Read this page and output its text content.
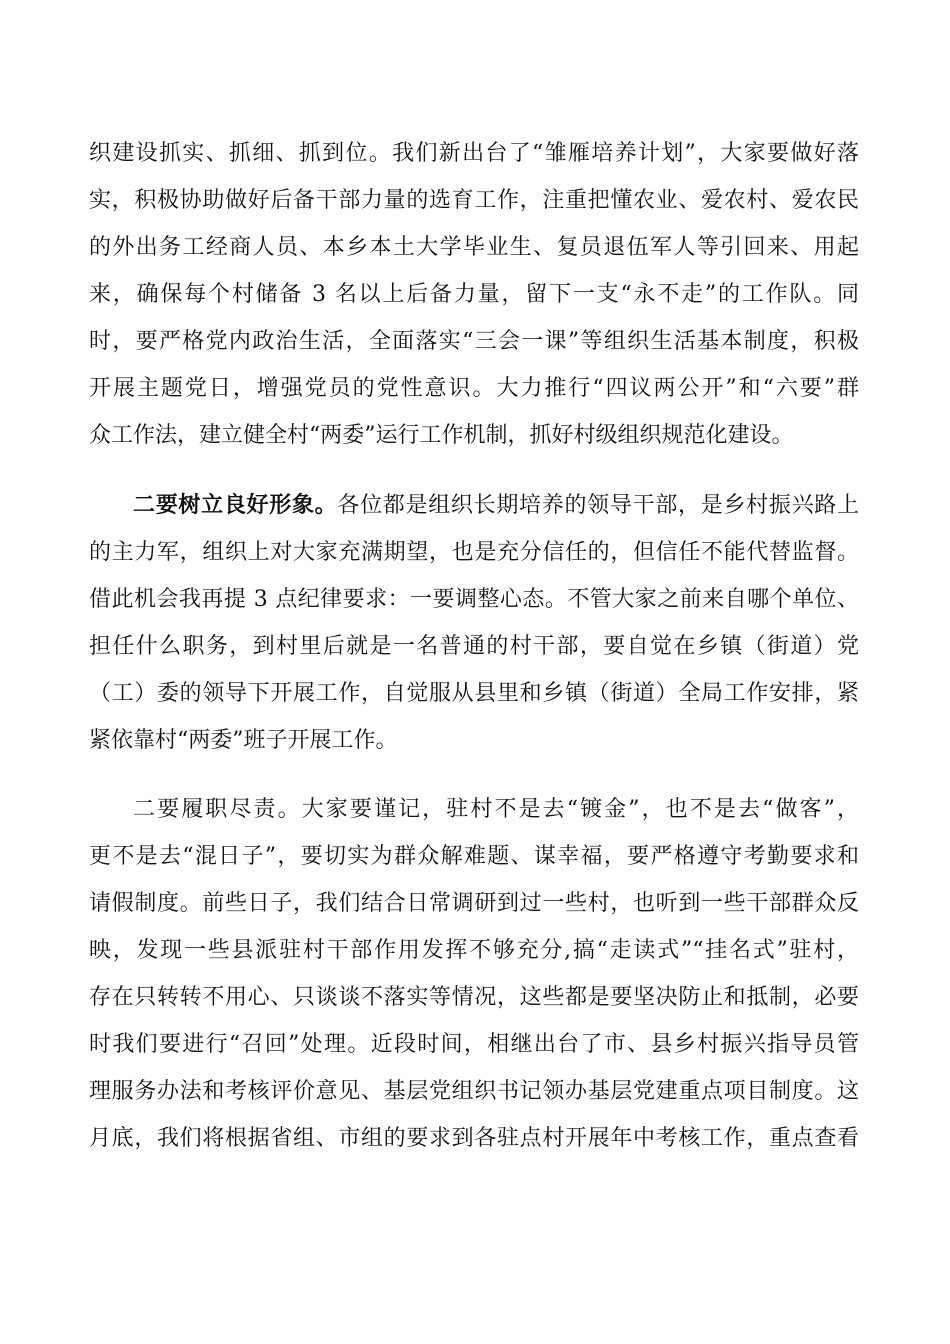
织建设抓实、抓细、抓到位。我们新出台了“雏雁培养计划”，大家要做好落
实，积极协助做好后备干部力量的选育工作，注重把懂农业、爱农村、爱农民
的外出务工经商人员、本乡本土大学毕业生、复员退伍军人等引回来、用起
来，确保每个村储备 3 名以上后备力量，留下一支“永不走”的工作队。同
时，要严格党内政治生活，全面落实“三会一课”等组织生活基本制度，积极
开展主题党日，增强党员的党性意识。大力推行“四议两公开”和“六要”群
众工作法，建立健全村“两委”运行工作机制，抓好村级组织规范化建设。
二要树立良好形象。各位都是组织长期培养的领导干部，是乡村振兴路上
的主力军，组织上对大家充满期望，也是充分信任的，但信任不能代替监督。
借此机会我再提 3 点纪律要求：一要调整心态。不管大家之前来自哪个单位、
担任什么职务，到村里后就是一名普通的村干部，要自觉在乡镇（街道）党
（工）委的领导下开展工作，自觉服从县里和乡镇（街道）全局工作安排，紧
紧依靠村“两委”班子开展工作。
二要履职尽责。大家要谨记，驻村不是去“镀金”，也不是去“做客”，
更不是去“混日子”，要切实为群众解难题、谋幸福，要严格遵守考勤要求和
请假制度。前些日子，我们结合日常调研到过一些村，也听到一些干部群众反
映，发现一些县派驻村干部作用发挥不够充分,搞“走读式”“挂名式”驻村，
存在只转转不用心、只谈谈不落实等情况，这些都是要坚决防止和抵制，必要
时我们要进行“召回”处理。近段时间，相继出台了市、县乡村振兴指导员管
理服务办法和考核评价意见、基层党组织书记领办基层党建重点项目制度。这
月底，我们将根据省组、市组的要求到各驻点村开展年中考核工作，重点查看
